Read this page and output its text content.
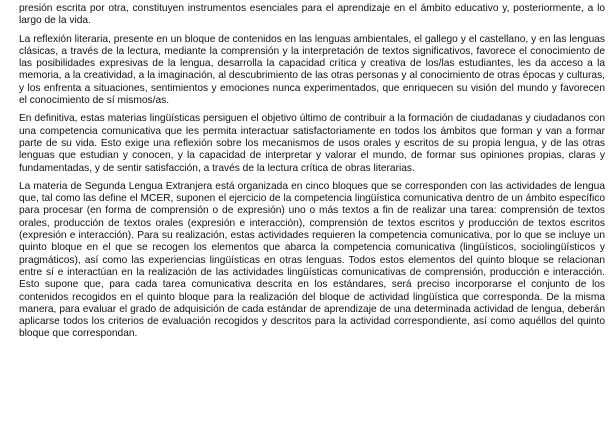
presión escrita por otra, constituyen instrumentos esenciales para el aprendizaje en el ámbito educativo y, posteriormente, a lo largo de la vida.

La reflexión literaria, presente en un bloque de contenidos en las lenguas ambientales, el gallego y el castellano, y en las lenguas clásicas, a través de la lectura, mediante la comprensión y la interpretación de textos significativos, favorece el conocimiento de las posibilidades expresivas de la lengua, desarrolla la capacidad crítica y creativa de los/las estudiantes, les da acceso a la memoria, a la creatividad, a la imaginación, al descubrimiento de las otras personas y al conocimiento de otras épocas y culturas, y los enfrenta a situaciones, sentimientos y emociones nunca experimentados, que enriquecen su visión del mundo y favorecen el conocimiento de sí mismos/as.

En definitiva, estas materias lingüísticas persiguen el objetivo último de contribuir a la formación de ciudadanas y ciudadanos con una competencia comunicativa que les permita interactuar satisfactoriamente en todos los ámbitos que forman y van a formar parte de su vida. Esto exige una reflexión sobre los mecanismos de usos orales y escritos de su propia lengua, y de las otras lenguas que estudian y conocen, y la capacidad de interpretar y valorar el mundo, de formar sus opiniones propias, claras y fundamentadas, y de sentir satisfacción, a través de la lectura crítica de obras literarias.

La materia de Segunda Lengua Extranjera está organizada en cinco bloques que se corresponden con las actividades de lengua que, tal como las define el MCER, suponen el ejercicio de la competencia lingüística comunicativa dentro de un ámbito específico para procesar (en forma de comprensión o de expresión) uno o más textos a fin de realizar una tarea: comprensión de textos orales, producción de textos orales (expresión e interacción), comprensión de textos escritos y producción de textos escritos (expresión e interacción). Para su realización, estas actividades requieren la competencia comunicativa, por lo que se incluye un quinto bloque en el que se recogen los elementos que abarca la competencia comunicativa (lingüísticos, sociolingüísticos y pragmáticos), así como las experiencias lingüísticas en otras lenguas. Todos estos elementos del quinto bloque se relacionan entre sí e interactúan en la realización de las actividades lingüísticas comunicativas de comprensión, producción e interacción. Esto supone que, para cada tarea comunicativa descrita en los estándares, será preciso incorporarse el conjunto de los contenidos recogidos en el quinto bloque para la realización del bloque de actividad lingüística que corresponda. De la misma manera, para evaluar el grado de adquisición de cada estándar de aprendizaje de una determinada actividad de lengua, deberán aplicarse todos los criterios de evaluación recogidos y descritos para la actividad correspondiente, así como aquéllos del quinto bloque que correspondan.
